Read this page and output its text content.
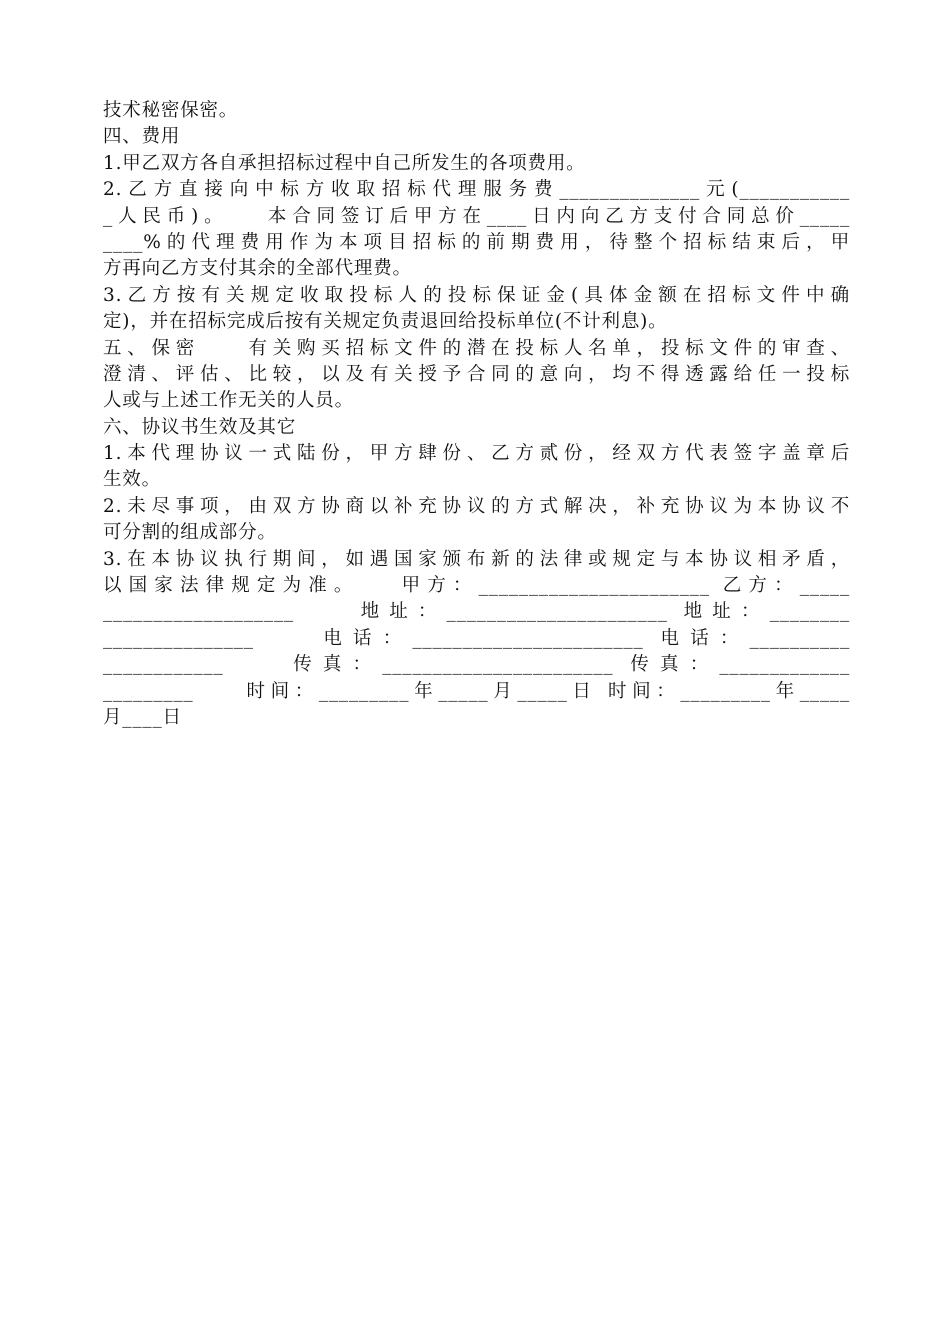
技术秘密保密。
四、费用
1.甲乙双方各自承担招标过程中自己所发生的各项费用。
2.乙方直接向中标方收取招标代理服务费______________元(___________
_人民币)。　　本合同签订后甲方在____日内向乙方支付合同总价_____
____%的代理费用作为本项目招标的前期费用，待整个招标结束后，甲
方再向乙方支付其余的全部代理费。
3.乙方按有关规定收取投标人的投标保证金(具体金额在招标文件中确
定)，并在招标完成后按有关规定负责退回给投标单位(不计利息)。
五、保密　　有关购买招标文件的潜在投标人名单，投标文件的审查、
澄清、评估、比较，以及有关授予合同的意向，均不得透露给任一投标
人或与上述工作无关的人员。
六、协议书生效及其它
1.本代理协议一式陆份，甲方肆份、乙方贰份，经双方代表签字盖章后
生效。
2.未尽事项，由双方协商以补充协议的方式解决，补充协议为本协议不
可分割的组成部分。
3.在本协议执行期间，如遇国家颁布新的法律或规定与本协议相矛盾，
以国家法律规定为准。　　甲方：_______________________ 乙方：_____
___________________　　地址：______________________ 地址：________
_______________　　电话：_______________________ 电话：__________
____________　　传真：_______________________ 传真：_____________
_________　　时间：_________年_____月_____日 时间：_________年_____
月____日
